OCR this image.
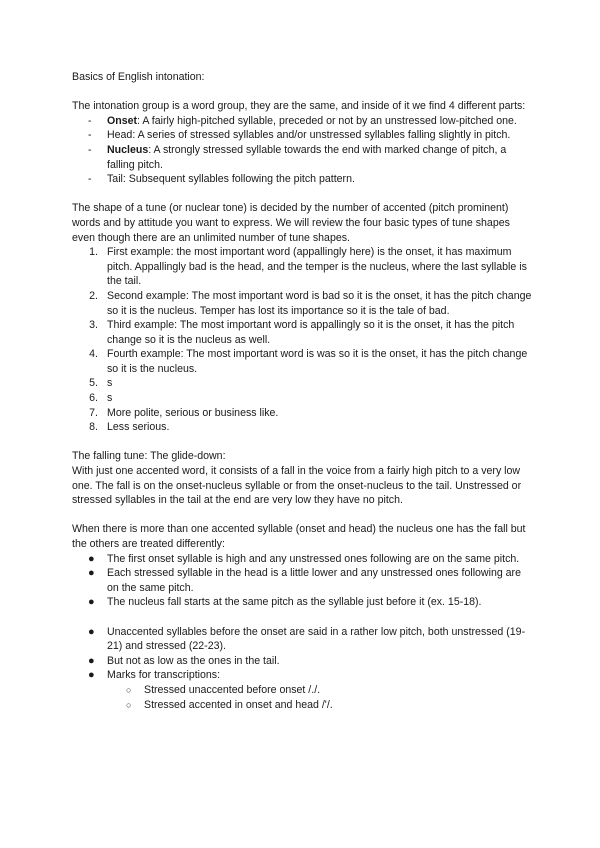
Basics of English intonation:

The intonation group is a word group, they are the same, and inside of it we find 4 different parts:

- Onset: A fairly high-pitched syllable, preceded or not by an unstressed low-pitched one.
- Head: A series of stressed syllables and/or unstressed syllables falling slightly in pitch.
- Nucleus: A strongly stressed syllable towards the end with marked change of pitch, a falling pitch.
- Tail: Subsequent syllables following the pitch pattern.

The shape of a tune (or nuclear tone) is decided by the number of accented (pitch prominent) words and by attitude you want to express. We will review the four basic types of tune shapes even though there are an unlimited number of tune shapes.

1. First example: the most important word (appallingly here) is the onset, it has maximum pitch. Appallingly bad is the head, and the temper is the nucleus, where the last syllable is the tail.
2. Second example: The most important word is bad so it is the onset, it has the pitch change so it is the nucleus. Temper has lost its importance so it is the tale of bad.
3. Third example: The most important word is appallingly so it is the onset, it has the pitch change so it is the nucleus as well.
4. Fourth example: The most important word is was so it is the onset, it has the pitch change so it is the nucleus.
5. s
6. s
7. More polite, serious or business like.
8. Less serious.

The falling tune: The glide-down:

With just one accented word, it consists of a fall in the voice from a fairly high pitch to a very low one. The fall is on the onset-nucleus syllable or from the onset-nucleus to the tail. Unstressed or stressed syllables in the tail at the end are very low they have no pitch.

When there is more than one accented syllable (onset and head) the nucleus one has the fall but the others are treated differently:

● The first onset syllable is high and any unstressed ones following are on the same pitch.
● Each stressed syllable in the head is a little lower and any unstressed ones following are on the same pitch.
● The nucleus fall starts at the same pitch as the syllable just before it (ex. 15-18).
● Unaccented syllables before the onset are said in a rather low pitch, both unstressed (19-21) and stressed (22-23).
● But not as low as the ones in the tail.
● Marks for transcriptions:
○ Stressed unaccented before onset /./.
○ Stressed accented in onset and head /'/.
